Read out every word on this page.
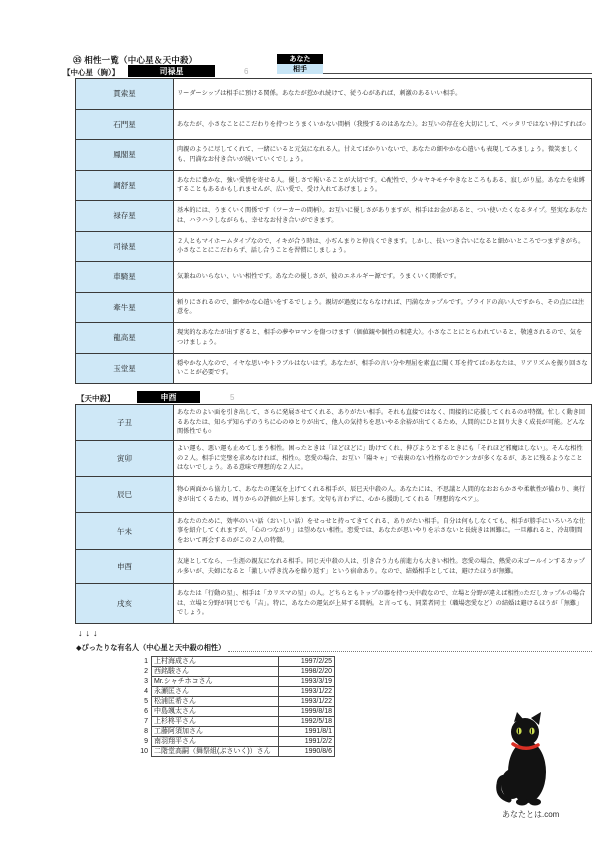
㉟ 相性一覧（中心星＆天中殺）	あなた
相手
【中心星（胸）】	司禄星	6
貫索星	リーダーシップは相手に預ける関係。あなたが惹かれ続けて、従う心があれば、刺激のあるいい相手。
石門星	あなたが、小さなことにこだわりを持つとうまくいかない間柄（我慢するのはあなた）。お互いの存在を大切にして、ベッタリではない仲にすれば○
鳳閣星	肉親のように尽してくれて、一緒にいると元気になれる人。甘えてばかりいないで、あなたの細やかな心遣いも表現してみましょう。微笑ましくも、円満なお付き合いが続いていくでしょう。
調舒星	あなたに豊かな、強い愛情を寄せる人。優しさで報いることが大切です。心配性で、少々ヤキモチやきなところもある、寂しがり屋。あなたを束縛することもあるかもしれませんが、広い愛で、受け入れてあげましょう。
禄存星	基本的には、うまくいく関係です（ツーカーの間柄）。お互いに優しさがありますが、相手はお金があると、つい使いたくなるタイプ。堅実なあなたは、ハラハラしながらも、幸せなお付き合いができます。
司禄星	２人ともマイホームタイプなので、イキが合う時は、小ぢんまりと仲良くできます。しかし、長いつき合いになると細かいところでつまずきがち。小さなことにこだわらず、話し合うことを習慣にしましょう。
車騎星	気兼ねのいらない、いい相性です。あなたの優しさが、彼のエネルギー源です。うまくいく関係です。
牽牛星	頼りにされるので、細やかな心遣いをするでしょう。親切が過度にならなければ、円満なカップルです。プライドの高い人ですから、その点には注意を。
龍高星	現実的なあなたが出すぎると、相手の夢やロマンを傷つけます（価値観や個性の相違大）。小さなことにとらわれていると、敬遠されるので、気をつけましょう。
玉堂星	穏やかな人なので、イヤな思いやトラブルはないはず。あなたが、相手の言い分や理屈を素直に聞く耳を持てば○あなたは、リアリズムを振り回さないことが必要です。
【天中殺】	申酉	5
子丑	あなたのよい面を引き出して、さらに発展させてくれる、ありがたい相手。それも直接ではなく、間接的に応援してくれるのが特徴。忙しく動き回るあなたは、知らず知らずのうちに心のゆとりが出て、他人の気持ちを思いやる余裕が出てくるため、人間的にひと回り大きく成長が可能。どんな関係性でも○
寅卯	よい運も、悪い運も止めてしまう相性。困ったときは「ほどほどに」助けてくれ、伸びようとするときにも「それほど邪魔はしない」。そんな相性の２人。相手に完璧を求めなければ、相性○。恋愛の場合、お互い「陽キャ」で表裏のない性格なのでケンカが多くなるが、あとに残るようなことはないでしょう。ある意味で理想的な２人に。
辰巳	物心両面から協力して、あなたの運気を上げてくれる相手が、辰巳天中殺の人。あなたには、不思議と人間的なおおらかさや柔軟性が備わり、奥行きが出てくるため、周りからの評価が上昇します。文句も言わずに、心から援助してくれる「理想的なペア」。
午未	あなたのために、効率のいい話（おいしい話）をせっせと持ってきてくれる、ありがたい相手。自分は何もしなくても、相手が勝手にいろいろな仕事を紹介してくれますが、「心のつながり」は望めない相性。恋愛では、あなたが思いやりを示さないと長続きは困難に。一旦離れると、冷却期間をおいて再会するのがこの２人の特徴。
申酉	友達としてなら、一生涯の親友になれる相手。同じ天中殺の人は、引き合う力も前進力も大きい相性。恋愛の場合、熱愛の末ゴールインするカップル多いが、夫婦になると「激しい浮き沈みを繰り返す」という宿命あり。なので、結婚相手としては、避けたほうが無難。
戌亥	あなたは「行動の星」、相手は「カリスマの星」の人。どちらともトップの器を持つ天中殺なので、立場と分野が違えば相性○ただしカップルの場合は、立場と分野が同じでも「吉」。特に、あなたの運気が上昇する間柄。と言っても、同業者同士（職場恋愛など）の結婚は避けるほうが「無難」でしょう。
↓↓↓
◆ぴったりな有名人（中心星と天中殺の相性）
1	上村海成さん	1997/2/25
2	西銘駿さん	1998/2/20
3	Mr.シャチホコさん	1993/3/19
4	永瀬匡さん	1993/1/22
5	松浦匡希さん	1993/1/22
6	中島颯太さん	1999/8/18
7	上杉柊平さん	1992/5/18
8	工藤阿須加さん	1991/8/1
9	南羽翔平さん	1991/2/2
10	二階堂高嗣（舞祭組(ぶさいく)）さん	1990/8/6
あなたとは.com
